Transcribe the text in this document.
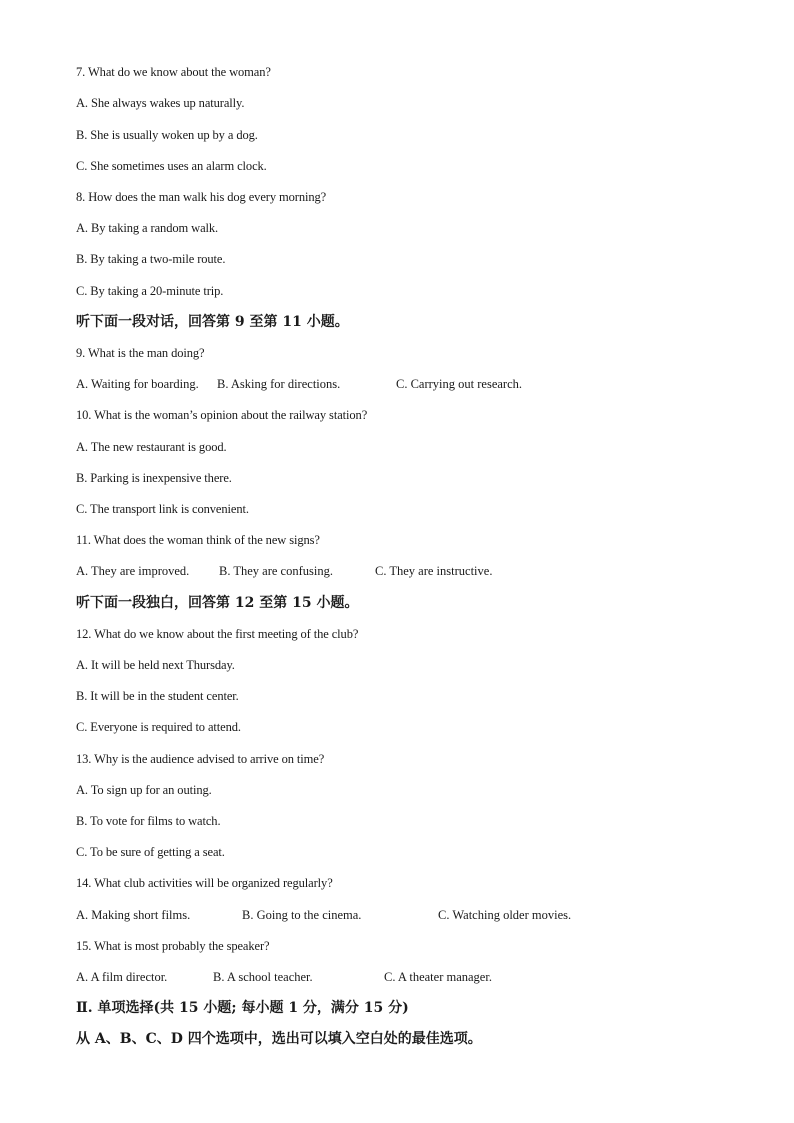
7. What do we know about the woman?
A. She always wakes up naturally.
B. She is usually woken up by a dog.
C. She sometimes uses an alarm clock.
8. How does the man walk his dog every morning?
A. By taking a random walk.
B. By taking a two-mile route.
C. By taking a 20-minute trip.
听下面一段对话，回答第 9 至第 11 小题。
9. What is the man doing?
A. Waiting for boarding. B. Asking for directions.	C. Carrying out research.
10. What is the woman’s opinion about the railway station?
A. The new restaurant is good.
B. Parking is inexpensive there.
C. The transport link is convenient.
11. What does the woman think of the new signs?
A. They are improved. B. They are confusing.	C. They are instructive.
听下面一段独白，回答第 12 至第 15 小题。
12. What do we know about the first meeting of the club?
A. It will be held next Thursday.
B. It will be in the student center.
C. Everyone is required to attend.
13. Why is the audience advised to arrive on time?
A. To sign up for an outing.
B. To vote for films to watch.
C. To be sure of getting a seat.
14. What club activities will be organized regularly?
A. Making short films.	B. Going to the cinema.	C. Watching older movies.
15. What is most probably the speaker?
A. A film director.	B. A school teacher.	C. A theater manager.
Ⅱ. 单项选择(共 15 小题; 每小题 1 分，满分 15 分)
从 A、B、C、D 四个选项中，选出可以填入空白处的最佳选项。
